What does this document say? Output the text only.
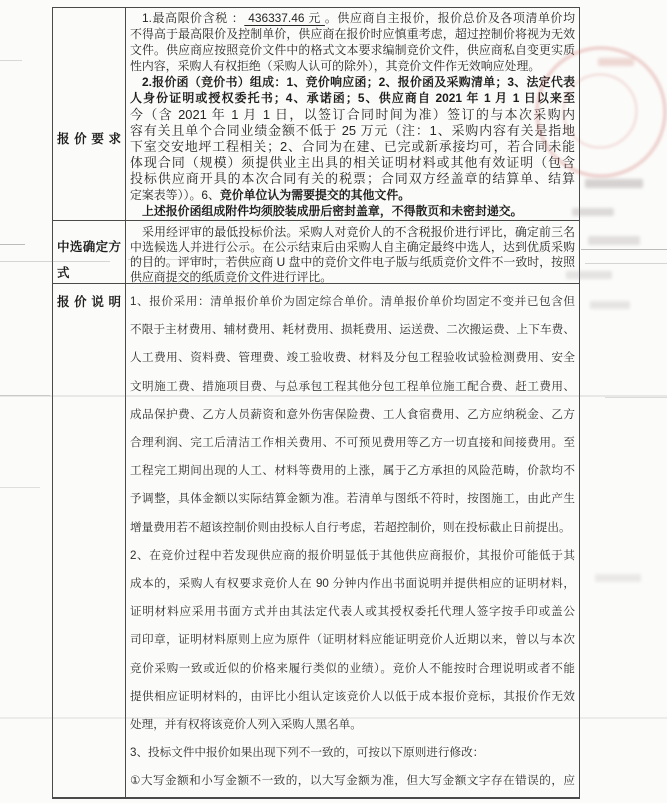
报价要求
1.最高限价含税 ： 436337.46 元 。供应商自主报价，报价总价及各项清单价均
不得高于最高限价及控制单价，供应商在报价时应慎重考虑，超过控制价将视为无效
文件。供应商应按照竞价文件中的格式文本要求编制竞价文件，供应商私自变更实质
性内容，采购人有权拒绝（采购人认可的除外），其竞价文件作无效响应处理。
2.报价函（竞价书）组成：1、竞价响应函；2、报价函及采购清单；3、法定代表
人身份证明或授权委托书；4、承诺函；5、供应商自 2021 年 1 月 1 日以来至
今（含 2021 年 1 月 1 日，以签订合同时间为准）签订的与本次采购内
容有关且单个合同业绩金额不低于 25 万元（注：1、采购内容有关是指地
下室交安地坪工程相关；2、合同为在建、已完或新承接均可，若合同未能
体现合同（规模）须提供业主出具的相关证明材料或其他有效证明（包含
投标供应商开具的本次合同有关的税票；合同双方经盖章的结算单、结算
定案表等））。6、竞价单位认为需要提交的其他文件。
上述报价函组成附件均须胶装成册后密封盖章，不得散页和未密封递交。
中选确定方式
采用经评审的最低投标价法。采购人对竞价人的不含税报价进行评比，确定前三名
中选候选人并进行公示。在公示结束后由采购人自主确定最终中选人，达到优质采购
的目的。评审时，若供应商 U 盘中的竞价文件电子版与纸质竞价文件不一致时，按照
供应商提交的纸质竞价文件进行评比。
报价说明 1、报价采用：清单报价单价为固定综合单价。清单报价单价均固定不变并已包含但
不限于主材费用、辅材费用、耗材费用、损耗费用、运送费、二次搬运费、上下车费、
人工费用、资料费、管理费、竣工验收费、材料及分包工程验收试验检测费用、安全
文明施工费、措施项目费、与总承包工程其他分包工程单位施工配合费、赶工费用、
成品保护费、乙方人员薪资和意外伤害保险费、工人食宿费用、乙方应纳税金、乙方
合理利润、完工后清洁工作相关费用、不可预见费用等乙方一切直接和间接费用。至
工程完工期间出现的人工、材料等费用的上涨，属于乙方承担的风险范畴，价款均不
予调整，具体金额以实际结算金额为准。若清单与图纸不符时，按图施工，由此产生
增量费用若不超该控制价则由投标人自行考虑，若超控制价，则在投标截止日前提出。
2、在竞价过程中若发现供应商的报价明显低于其他供应商报价，其报价可能低于其
成本的，采购人有权要求竞价人在 90 分钟内作出书面说明并提供相应的证明材料，
证明材料应采用书面方式并由其法定代表人或其授权委托代理人签字按手印或盖公
司印章，证明材料原则上应为原件（证明材料应能证明竞价人近期以来，曾以与本次
竞价采购一致或近似的价格来履行类似的业绩）。竞价人不能按时合理说明或者不能
提供相应证明材料的，由评比小组认定该竞价人以低于成本报价竞标，其报价作无效
处理，并有权将该竞价人列入采购人黑名单。
3、投标文件中报价如果出现下列不一致的，可按以下原则进行修改：
①大写金额和小写金额不一致的，以大写金额为准，但大写金额文字存在错误的，应
